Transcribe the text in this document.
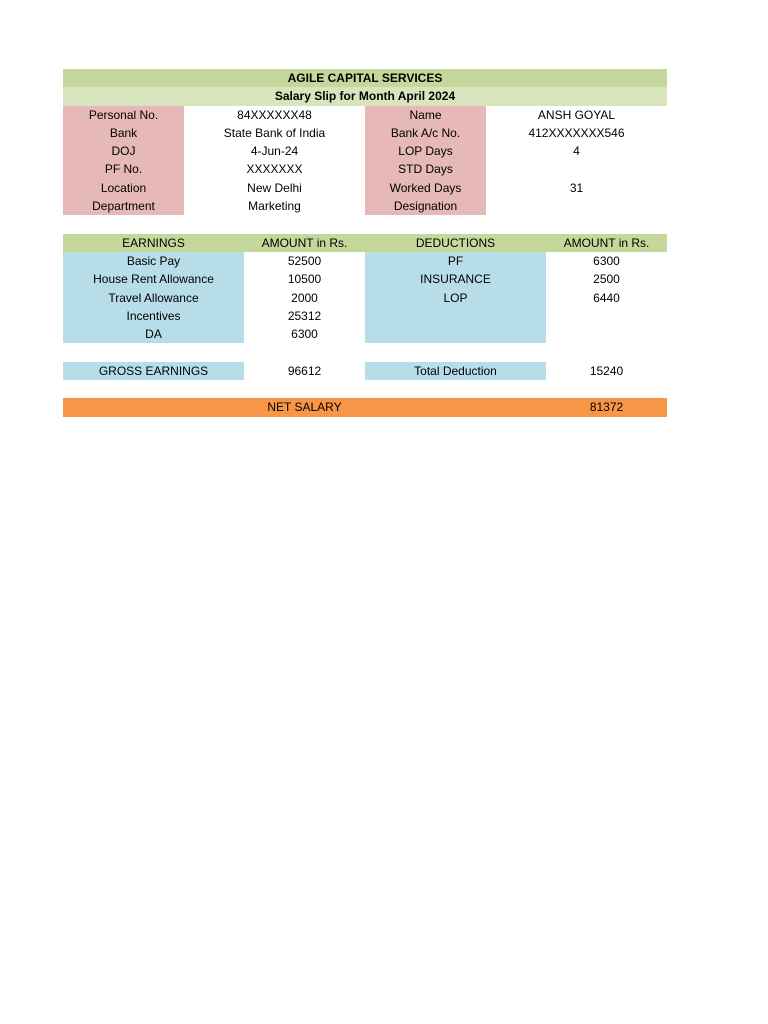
AGILE CAPITAL SERVICES
Salary Slip for Month April 2024
Personal No.	84XXXXXX48	Name	ANSH GOYAL
Bank	State Bank of India	Bank A/c No.	412XXXXXXX546
DOJ	4-Jun-24	LOP Days	4
PF No.	XXXXXXX	STD Days
Location	New Delhi	Worked Days	31
Department	Marketing	Designation
EARNINGS	AMOUNT in Rs.	DEDUCTIONS	AMOUNT in Rs.
Basic Pay	52500	PF	6300
House Rent Allowance	10500	INSURANCE	2500
Travel Allowance	2000	LOP	6440
Incentives	25312
DA	6300
GROSS EARNINGS	96612	Total Deduction	15240
NET SALARY	81372
